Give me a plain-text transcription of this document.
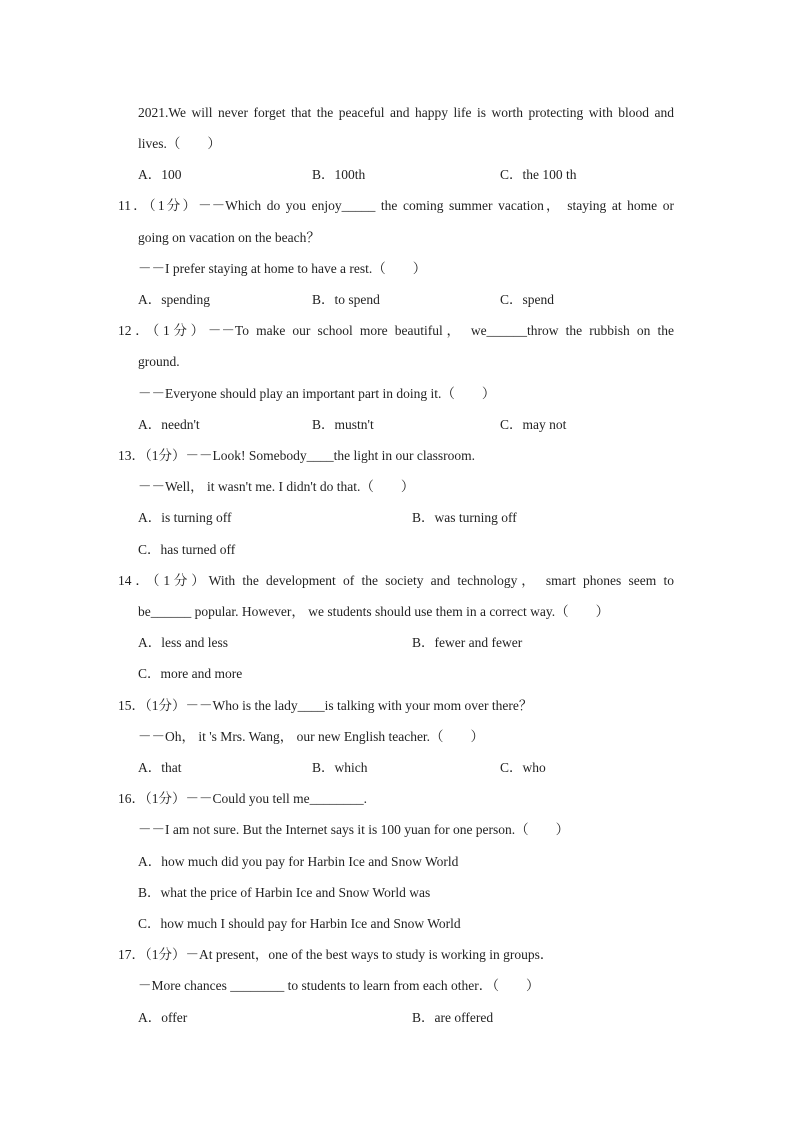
2021.We will never forget that the peaceful and happy life is worth protecting with blood and
lives.（　　）
A．100	B．100th	C．the 100 th
11．（1分）－－Which do you enjoy_____ the coming summer vacation， staying at home or
going on vacation on the beach？
－－I prefer staying at home to have a rest.（　　）
A．spending	B．to spend	C．spend
12．（1分）－－To make our school more beautiful， we______throw the rubbish on the
ground.
－－Everyone should play an important part in doing it.（　　）
A．needn't	B．mustn't	C．may not
13．（1分）－－Look! Somebody____the light in our classroom.
－－Well， it wasn't me. I didn't do that.（　　）
A．is turning off	B．was turning off
C．has turned off
14．（1分）With the development of the society and technology， smart phones seem to
be______ popular. However， we students should use them in a correct way.（　　）
A．less and less	B．fewer and fewer
C．more and more
15．（1分）－－Who is the lady____is talking with your mom over there？
－－Oh， it 's Mrs. Wang， our new English teacher.（　　）
A．that	B．which	C．who
16．（1分）－－Could you tell me________.
－－I am not sure. But the Internet says it is 100 yuan for one person.（　　）
A．how much did you pay for Harbin Ice and Snow World
B．what the price of Harbin Ice and Snow World was
C．how much I should pay for Harbin Ice and Snow World
17．（1分）－At present，one of the best ways to study is working in groups．
－More chances ________ to students to learn from each other．（　　）
A．offer	B．are offered
